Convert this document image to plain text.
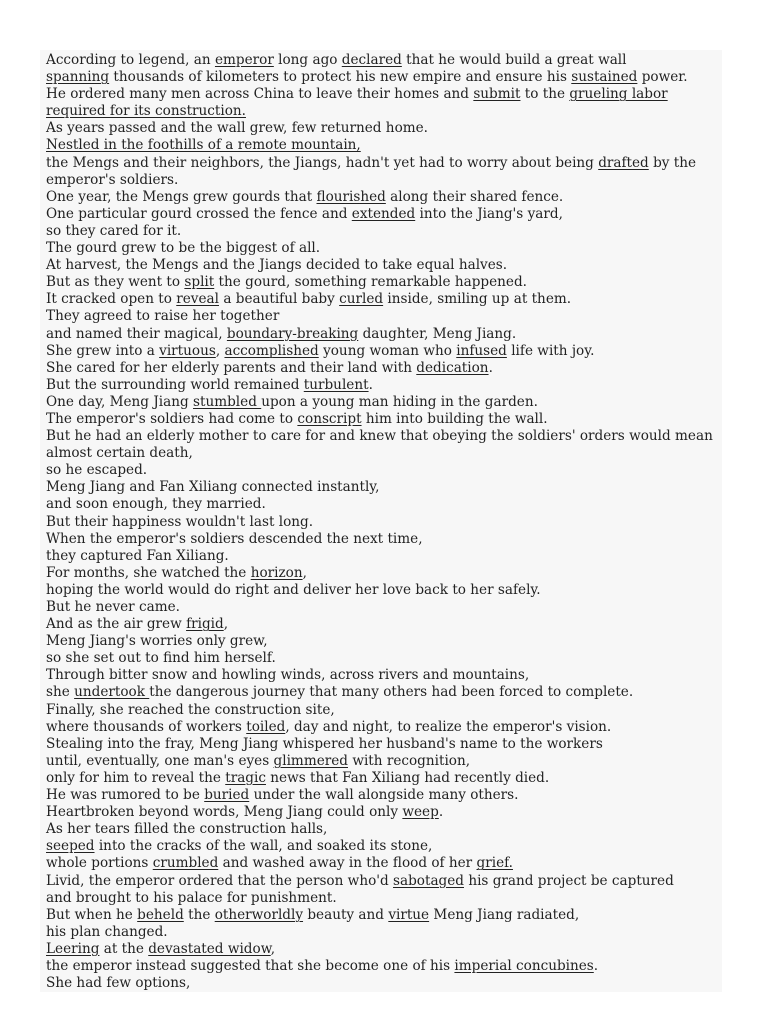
According to legend, an emperor long ago declared that he would build a great wall
spanning thousands of kilometers to protect his new empire and ensure his sustained power.
He ordered many men across China to leave their homes and submit to the grueling labor required for its construction.
As years passed and the wall grew, few returned home.
Nestled in the foothills of a remote mountain,
the Mengs and their neighbors, the Jiangs, hadn't yet had to worry about being drafted by the emperor's soldiers.
One year, the Mengs grew gourds that flourished along their shared fence.
One particular gourd crossed the fence and extended into the Jiang's yard,
so they cared for it.
The gourd grew to be the biggest of all.
At harvest, the Mengs and the Jiangs decided to take equal halves.
But as they went to split the gourd, something remarkable happened.
It cracked open to reveal a beautiful baby curled inside, smiling up at them.
They agreed to raise her together
and named their magical, boundary-breaking daughter, Meng Jiang.
She grew into a virtuous, accomplished young woman who infused life with joy.
She cared for her elderly parents and their land with dedication.
But the surrounding world remained turbulent.
One day, Meng Jiang stumbled upon a young man hiding in the garden.
The emperor's soldiers had come to conscript him into building the wall.
But he had an elderly mother to care for and knew that obeying the soldiers' orders would mean almost certain death,
so he escaped.
Meng Jiang and Fan Xiliang connected instantly,
and soon enough, they married.
But their happiness wouldn't last long.
When the emperor's soldiers descended the next time,
they captured Fan Xiliang.
For months, she watched the horizon,
hoping the world would do right and deliver her love back to her safely.
But he never came.
And as the air grew frigid,
Meng Jiang's worries only grew,
so she set out to find him herself.
Through bitter snow and howling winds, across rivers and mountains,
she undertook the dangerous journey that many others had been forced to complete.
Finally, she reached the construction site,
where thousands of workers toiled, day and night, to realize the emperor's vision.
Stealing into the fray, Meng Jiang whispered her husband's name to the workers
until, eventually, one man's eyes glimmered with recognition,
only for him to reveal the tragic news that Fan Xiliang had recently died.
He was rumored to be buried under the wall alongside many others.
Heartbroken beyond words, Meng Jiang could only weep.
As her tears filled the construction halls,
seeped into the cracks of the wall, and soaked its stone,
whole portions crumbled and washed away in the flood of her grief.
Livid, the emperor ordered that the person who'd sabotaged his grand project be captured
and brought to his palace for punishment.
But when he beheld the otherworldly beauty and virtue Meng Jiang radiated,
his plan changed.
Leering at the devastated widow,
the emperor instead suggested that she become one of his imperial concubines.
She had few options,
